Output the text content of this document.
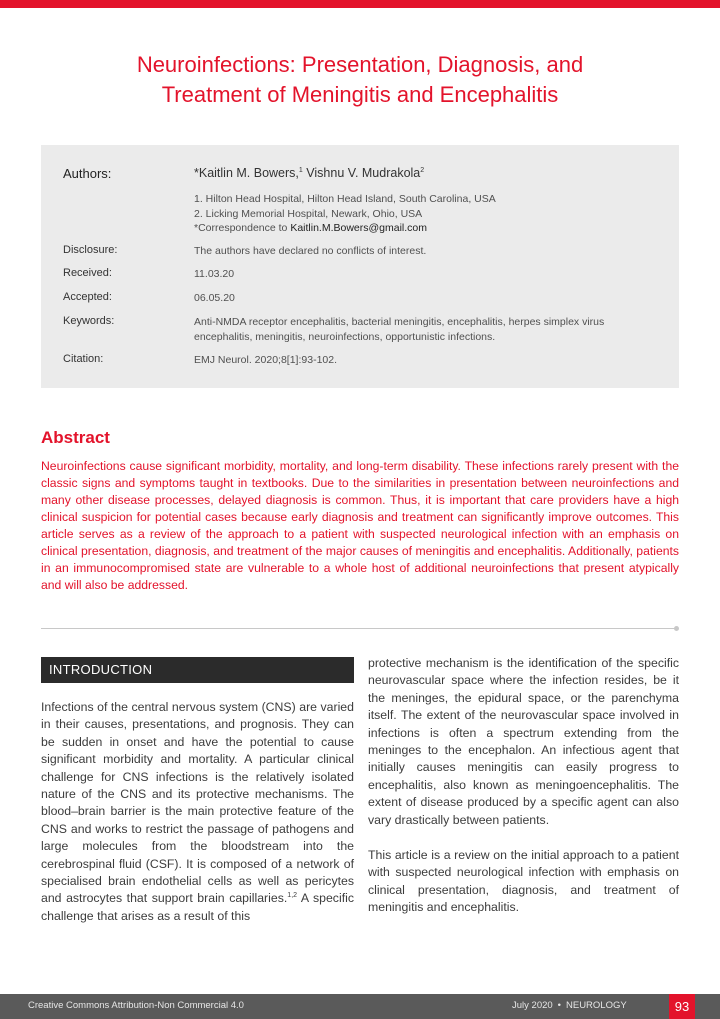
Neuroinfections: Presentation, Diagnosis, and
Treatment of Meningitis and Encephalitis
Authors:	*Kaitlin M. Bowers,$^1$ Vishnu V. Mudrakola$^2$
1. Hilton Head Hospital, Hilton Head Island, South Carolina, USA
2. Licking Memorial Hospital, Newark, Ohio, USA
*Correspondence to Kaitlin.M.Bowers@gmail.com
Disclosure:	The authors have declared no conflicts of interest.
Received:	11.03.20
Accepted:	06.05.20
Keywords:	Anti-NMDA receptor encephalitis, bacterial meningitis, encephalitis, herpes simplex virus encephalitis, meningitis, neuroinfections, opportunistic infections.
Citation:	EMJ Neurol. 2020;8[1]:93-102.
Abstract

Neuroinfections cause significant morbidity, mortality, and long-term disability. These infections rarely present with the classic signs and symptoms taught in textbooks. Due to the similarities in presentation between neuroinfections and many other disease processes, delayed diagnosis is common. Thus, it is important that care providers have a high clinical suspicion for potential cases because early diagnosis and treatment can significantly improve outcomes. This article serves as a review of the approach to a patient with suspected neurological infection with an emphasis on clinical presentation, diagnosis, and treatment of the major causes of meningitis and encephalitis. Additionally, patients in an immunocompromised state are vulnerable to a whole host of additional neuroinfections that present atypically and will also be addressed.

INTRODUCTION

Infections of the central nervous system (CNS) are varied in their causes, presentations, and prognosis. They can be sudden in onset and have the potential to cause significant morbidity and mortality. A particular clinical challenge for CNS infections is the relatively isolated nature of the CNS and its protective mechanisms. The blood–brain barrier is the main protective feature of the CNS and works to restrict the passage of pathogens and large molecules from the bloodstream into the cerebrospinal fluid (CSF). It is composed of a network of specialised brain endothelial cells as well as pericytes and astrocytes that support brain capillaries.$^{1,2}$ A specific challenge that arises as a result of this

protective mechanism is the identification of the specific neurovascular space where the infection resides, be it the meninges, the epidural space, or the parenchyma itself. The extent of the neurovascular space involved in infections is often a spectrum extending from the meninges to the encephalon. An infectious agent that initially causes meningitis can easily progress to encephalitis, also known as meningoencephalitis. The extent of disease produced by a specific agent can also vary drastically between patients.

This article is a review on the initial approach to a patient with suspected neurological infection with emphasis on clinical presentation, diagnosis, and treatment of meningitis and encephalitis.

Creative Commons Attribution-Non Commercial 4.0	July 2020 • NEUROLOGY	93
